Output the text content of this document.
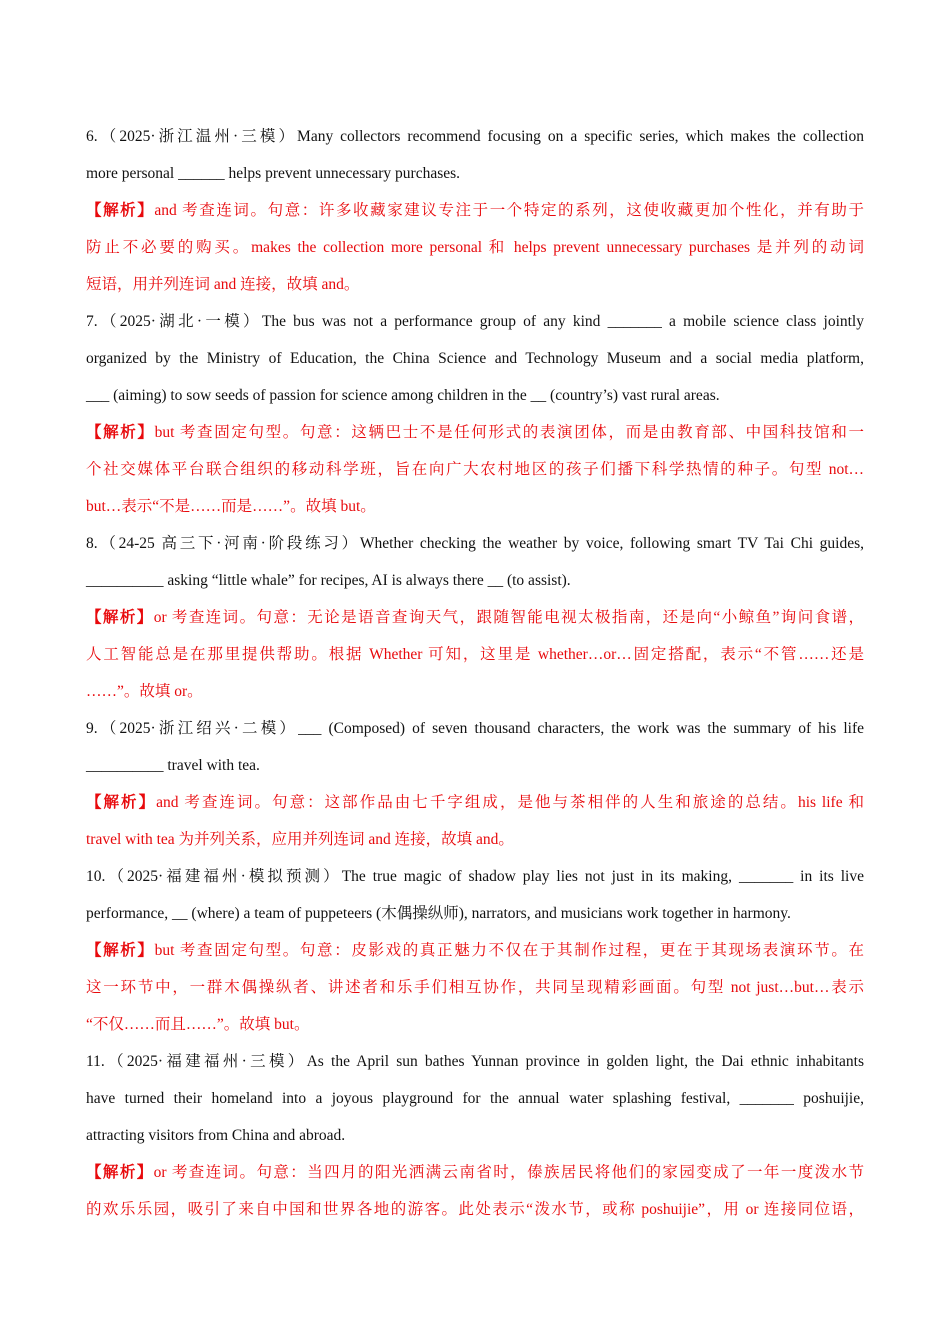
6.（2025·浙江温州·三模）Many collectors recommend focusing on a specific series, which makes the collection
more personal ______ helps prevent unnecessary purchases.
【解析】and 考查连词。句意：许多收藏家建议专注于一个特定的系列，这使收藏更加个性化，并有助于
防止不必要的购买。makes the collection more personal 和 helps prevent unnecessary purchases 是并列的动词
短语，用并列连词 and 连接，故填 and。
7.（2025·湖北·一模）The bus was not a performance group of any kind _______ a mobile science class jointly
organized by the Ministry of Education, the China Science and Technology Museum and a social media platform,
___ (aiming) to sow seeds of passion for science among children in the __ (country’s) vast rural areas.
【解析】but 考查固定句型。句意：这辆巴士不是任何形式的表演团体，而是由教育部、中国科技馆和一
个社交媒体平台联合组织的移动科学班，旨在向广大农村地区的孩子们播下科学热情的种子。句型 not…
but…表示“不是……而是……”。故填 but。
8.（24-25 高三下·河南·阶段练习）Whether checking the weather by voice, following smart TV Tai Chi guides,
__________ asking “little whale” for recipes, AI is always there __ (to assist).
【解析】or 考查连词。句意：无论是语音查询天气，跟随智能电视太极指南，还是向“小鲸鱼”询问食谱，
人工智能总是在那里提供帮助。根据 Whether 可知，这里是 whether…or…固定搭配，表示“不管……还是
……”。故填 or。
9.（2025·浙江绍兴·二模）___ (Composed) of seven thousand characters, the work was the summary of his life
__________ travel with tea.
【解析】and 考查连词。句意：这部作品由七千字组成，是他与茶相伴的人生和旅途的总结。his life 和
travel with tea 为并列关系，应用并列连词 and 连接，故填 and。
10.（2025·福建福州·模拟预测）The true magic of shadow play lies not just in its making, _______ in its live
performance, __ (where) a team of puppeteers (木偶操纵师), narrators, and musicians work together in harmony.
【解析】but 考查固定句型。句意：皮影戏的真正魅力不仅在于其制作过程，更在于其现场表演环节。在
这一环节中，一群木偶操纵者、讲述者和乐手们相互协作，共同呈现精彩画面。句型 not just…but…表示
“不仅……而且……”。故填 but。
11.（2025·福建福州·三模）As the April sun bathes Yunnan province in golden light, the Dai ethnic inhabitants
have turned their homeland into a joyous playground for the annual water splashing festival, _______ poshuijie,
attracting visitors from China and abroad.
【解析】or 考查连词。句意：当四月的阳光洒满云南省时，傣族居民将他们的家园变成了一年一度泼水节
的欢乐乐园，吸引了来自中国和世界各地的游客。此处表示“泼水节，或称 poshuijie”，用 or 连接同位语，
